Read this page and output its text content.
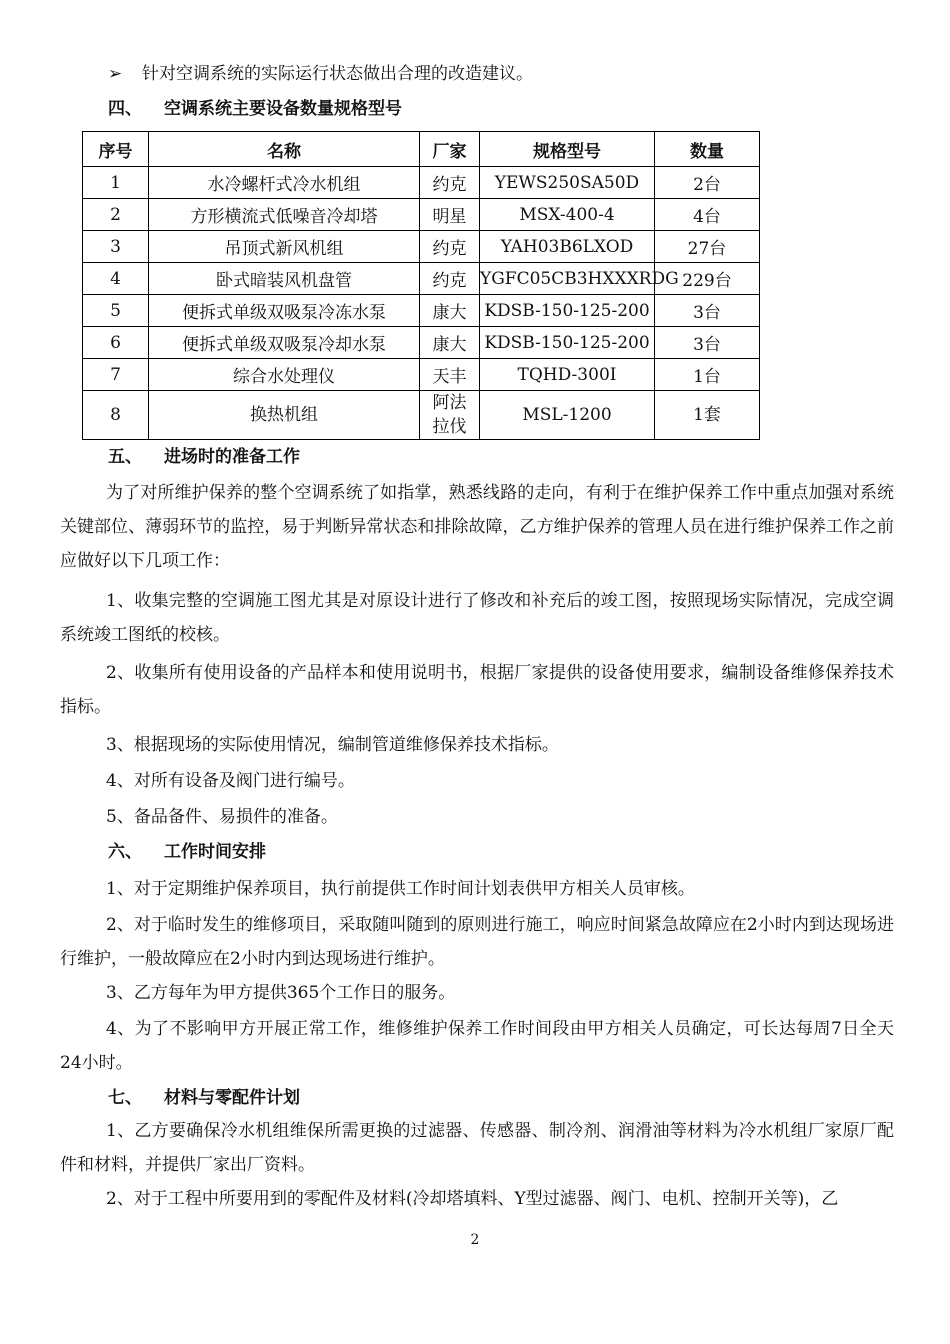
➢ 针对空调系统的实际运行状态做出合理的改造建议。
四、 空调系统主要设备数量规格型号
序号	名称	厂家	规格型号	数量
1	水冷螺杆式冷水机组	约克	YEWS250SA50D	2台
2	方形横流式低噪音冷却塔	明星	MSX-400-4	4台
3	吊顶式新风机组	约克	YAH03B6LXOD	27台
4	卧式暗装风机盘管	约克	YGFC05CB3HXXXRDG	229台
5	便拆式单级双吸泵冷冻水泵	康大	KDSB-150-125-200	3台
6	便拆式单级双吸泵冷却水泵	康大	KDSB-150-125-200	3台
7	综合水处理仪	天丰	TQHD-300I	1台
8	换热机组	阿法拉伐	MSL-1200	1套
五、 进场时的准备工作
为了对所维护保养的整个空调系统了如指掌，熟悉线路的走向，有利于在维护保养工作中重点加强对系统关键部位、薄弱环节的监控，易于判断异常状态和排除故障，乙方维护保养的管理人员在进行维护保养工作之前应做好以下几项工作：
1、收集完整的空调施工图尤其是对原设计进行了修改和补充后的竣工图，按照现场实际情况，完成空调系统竣工图纸的校核。
2、收集所有使用设备的产品样本和使用说明书，根据厂家提供的设备使用要求，编制设备维修保养技术指标。
3、根据现场的实际使用情况，编制管道维修保养技术指标。
4、对所有设备及阀门进行编号。
5、备品备件、易损件的准备。
六、 工作时间安排
1、对于定期维护保养项目，执行前提供工作时间计划表供甲方相关人员审核。
2、对于临时发生的维修项目，采取随叫随到的原则进行施工，响应时间紧急故障应在2小时内到达现场进行维护，一般故障应在2小时内到达现场进行维护。
3、乙方每年为甲方提供365个工作日的服务。
4、为了不影响甲方开展正常工作，维修维护保养工作时间段由甲方相关人员确定，可长达每周7日全天24小时。
七、 材料与零配件计划
1、乙方要确保冷水机组维保所需更换的过滤器、传感器、制冷剂、润滑油等材料为冷水机组厂家原厂配件和材料，并提供厂家出厂资料。
2、对于工程中所要用到的零配件及材料(冷却塔填料、Y型过滤器、阀门、电机、控制开关等)，乙
2
